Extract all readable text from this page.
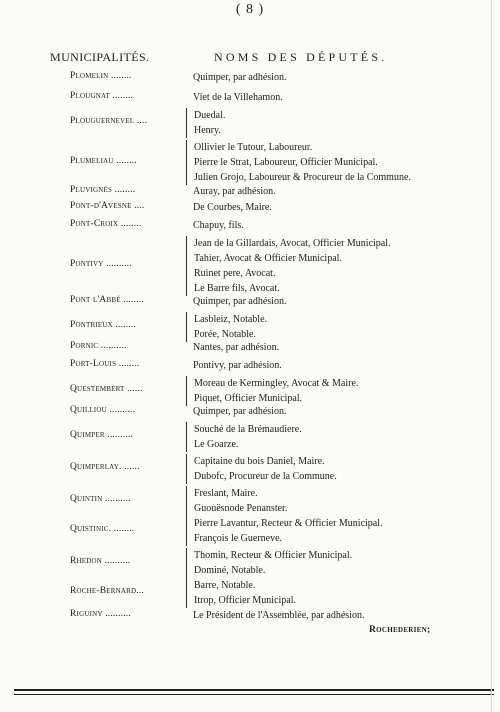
( 8 )
MUNICIPALITÉS.	NOMS DES DÉPUTÉS.
Plomelin ........	Quimper, par adhésion.
Plougnat ........	Viet de la Villehamon.
Plouguernevel ....	Duedal.
Henry.
Plumeliau ........
Ollivier le Tutour, Laboureur.
Pierre le Strat, Laboureur, Officier Municipal.
Julien Grojo, Laboureur & Procureur de la Commune.
Pluvignés ........	Auray, par adhésion.
Pont-d'Avesne ....	De Courbes, Maire.
Pont-Croix ........	Chapuy, fils.
Pontivy ..........
Jean de la Gillardais, Avocat, Officier Municipal.
Tahier, Avocat & Officier Municipal.
Ruinet pere, Avocat.
Le Barre fils, Avocat.
Pont l'Abbé ........	Quimper, par adhésion.
Pontrieux ........	Lasbleiz, Notable.
Porée, Notable.
Pornic ..........	Nantes, par adhésion.
Port-Louis ........	Pontivy, par adhésion.
Questembert ......	Moreau de Kermingley, Avocat & Maire.
Piquet, Officier Municipal.
Quilliou ..........	Quimper, par adhésion.
Quimper ..........	Souché de la Brémaudiere.
Le Goarze.
Quimperlay. ......	Capitaine du bois Daniel, Maire.
Dubofc, Procureur de la Commune.
Quintin ..........	Freslant, Maire.
Guouësnode Penanster.
Quistinic. ........	Pierre Lavantur, Recteur & Officier Municipal.
François le Guerneve.
Rhedon ..........	Thomin, Recteur & Officier Municipal.
Dominé, Notable.
Roche-Bernard...	Barre, Notable.
Itrop, Officier Municipal.
Riguiny ..........	Le Président de l'Assemblée, par adhésion.
Rochederien;
